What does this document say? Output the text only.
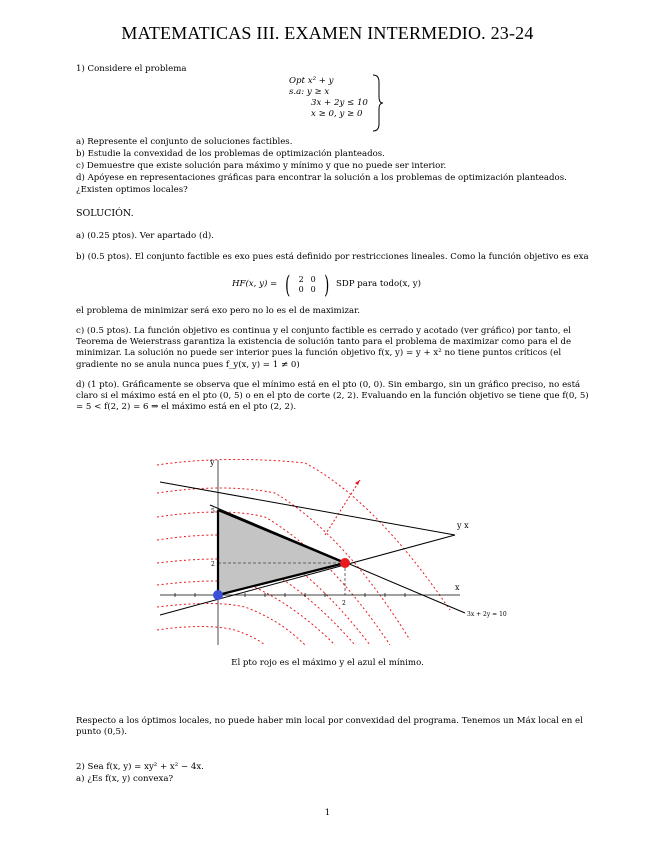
MATEMATICAS III. EXAMEN INTERMEDIO. 23-24
1) Considere el problema
Opt x² + y
s.a: y ≥ x
3x + 2y ≤ 10
x ≥ 0, y ≥ 0
a) Represente el conjunto de soluciones factibles.
b) Estudie la convexidad de los problemas de optimización planteados.
c) Demuestre que existe solución para máximo y mínimo y que no puede ser interior.
d) Apóyese en representaciones gráficas para encontrar la solución a los problemas de optimización planteados.
¿Existen optimos locales?
SOLUCIÓN.
a) (0.25 ptos). Ver apartado (d).
b) (0.5 ptos). El conjunto factible es exo pues está definido por restricciones lineales. Como la función objetivo es exa
HF(x, y) = (	2 0
0 0 ) SDP para todo(x, y)
el problema de minimizar será exo pero no lo es el de maximizar.
c) (0.5 ptos). La función objetivo es continua y el conjunto factible es cerrado y acotado (ver gráfico) por tanto, el Teorema de Weierstrass garantiza la existencia de solución tanto para el problema de maximizar como para el de minimizar. La solución no puede ser interior pues la función objetivo f(x, y) = y + x² no tiene puntos críticos (el gradiente no se anula nunca pues f_y(x, y) = 1 ≠ 0)
d) (1 pto). Gráficamente se observa que el mínimo está en el pto (0, 0). Sin embargo, sin un gráfico preciso, no está claro si el máximo está en el pto (0, 5) o en el pto de corte (2, 2). Evaluando en la función objetivo se tiene que f(0, 5) = 5 < f(2, 2) = 6 ⇒ el máximo está en el pto (2, 2).
y
x
y x
3x + 2y = 10
5
2
2
El pto rojo es el máximo y el azul el mínimo.
Respecto a los óptimos locales, no puede haber min local por convexidad del programa. Tenemos un Máx local en el punto (0,5).
2) Sea f(x, y) = xy² + x² − 4x.
a) ¿Es f(x, y) convexa?
1
